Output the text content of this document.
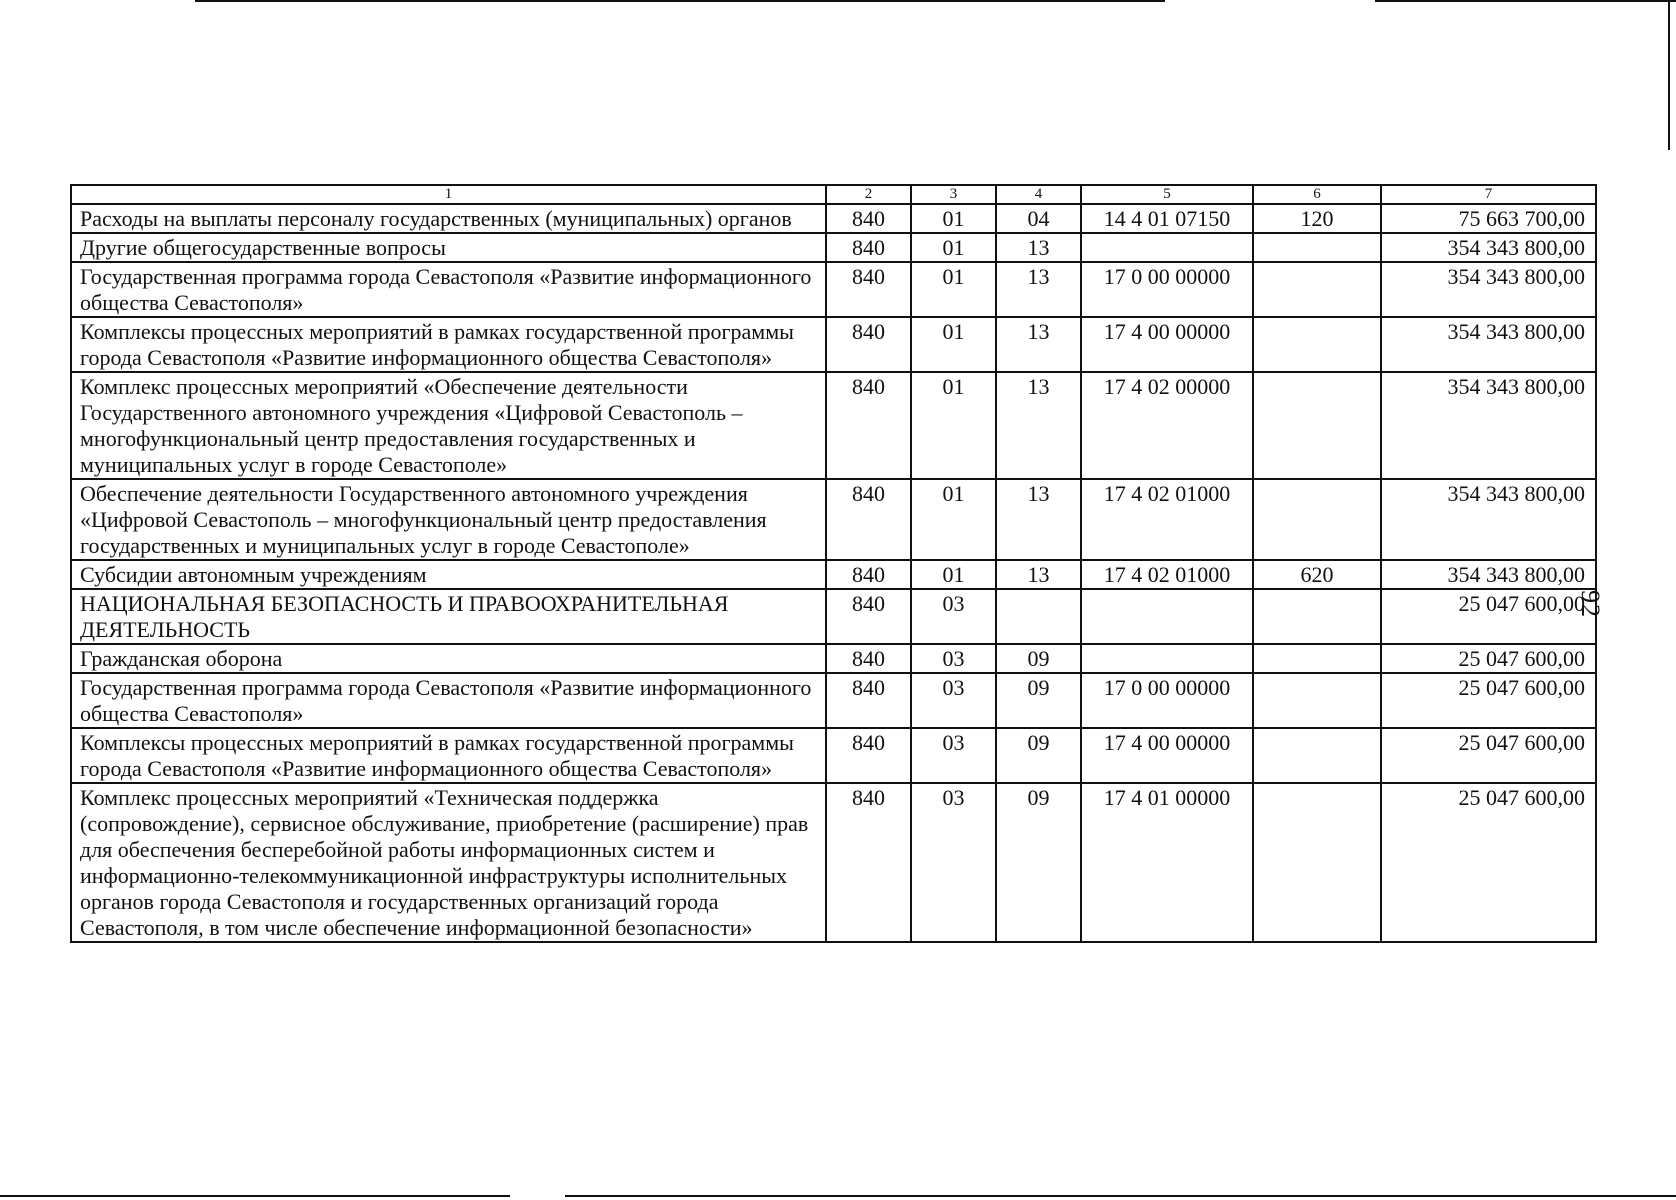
92
1	2	3	4	5	6	7
Расходы на выплаты персоналу государственных (муниципальных) органов	840	01	04	14 4 01 07150	120	75 663 700,00
Другие общегосударственные вопросы	840	01	13			354 343 800,00
Государственная программа города Севастополя «Развитие информационного общества Севастополя»	840	01	13	17 0 00 00000		354 343 800,00
Комплексы процессных мероприятий в рамках государственной программы города Севастополя «Развитие информационного общества Севастополя»	840	01	13	17 4 00 00000		354 343 800,00
Комплекс процессных мероприятий «Обеспечение деятельности Государственного автономного учреждения «Цифровой Севастополь – многофункциональный центр предоставления государственных и муниципальных услуг в городе Севастополе»	840	01	13	17 4 02 00000		354 343 800,00
Обеспечение деятельности Государственного автономного учреждения «Цифровой Севастополь – многофункциональный центр предоставления государственных и муниципальных услуг в городе Севастополе»	840	01	13	17 4 02 01000		354 343 800,00
Субсидии автономным учреждениям	840	01	13	17 4 02 01000	620	354 343 800,00
НАЦИОНАЛЬНАЯ БЕЗОПАСНОСТЬ И ПРАВООХРАНИТЕЛЬНАЯ ДЕЯТЕЛЬНОСТЬ	840	03				25 047 600,00
Гражданская оборона	840	03	09			25 047 600,00
Государственная программа города Севастополя «Развитие информационного общества Севастополя»	840	03	09	17 0 00 00000		25 047 600,00
Комплексы процессных мероприятий в рамках государственной программы города Севастополя «Развитие информационного общества Севастополя»	840	03	09	17 4 00 00000		25 047 600,00
Комплекс процессных мероприятий «Техническая поддержка (сопровождение), сервисное обслуживание, приобретение (расширение) прав для обеспечения бесперебойной работы информационных систем и информационно-телекоммуникационной инфраструктуры исполнительных органов города Севастополя и государственных организаций города Севастополя, в том числе обеспечение информационной безопасности»	840	03	09	17 4 01 00000		25 047 600,00
